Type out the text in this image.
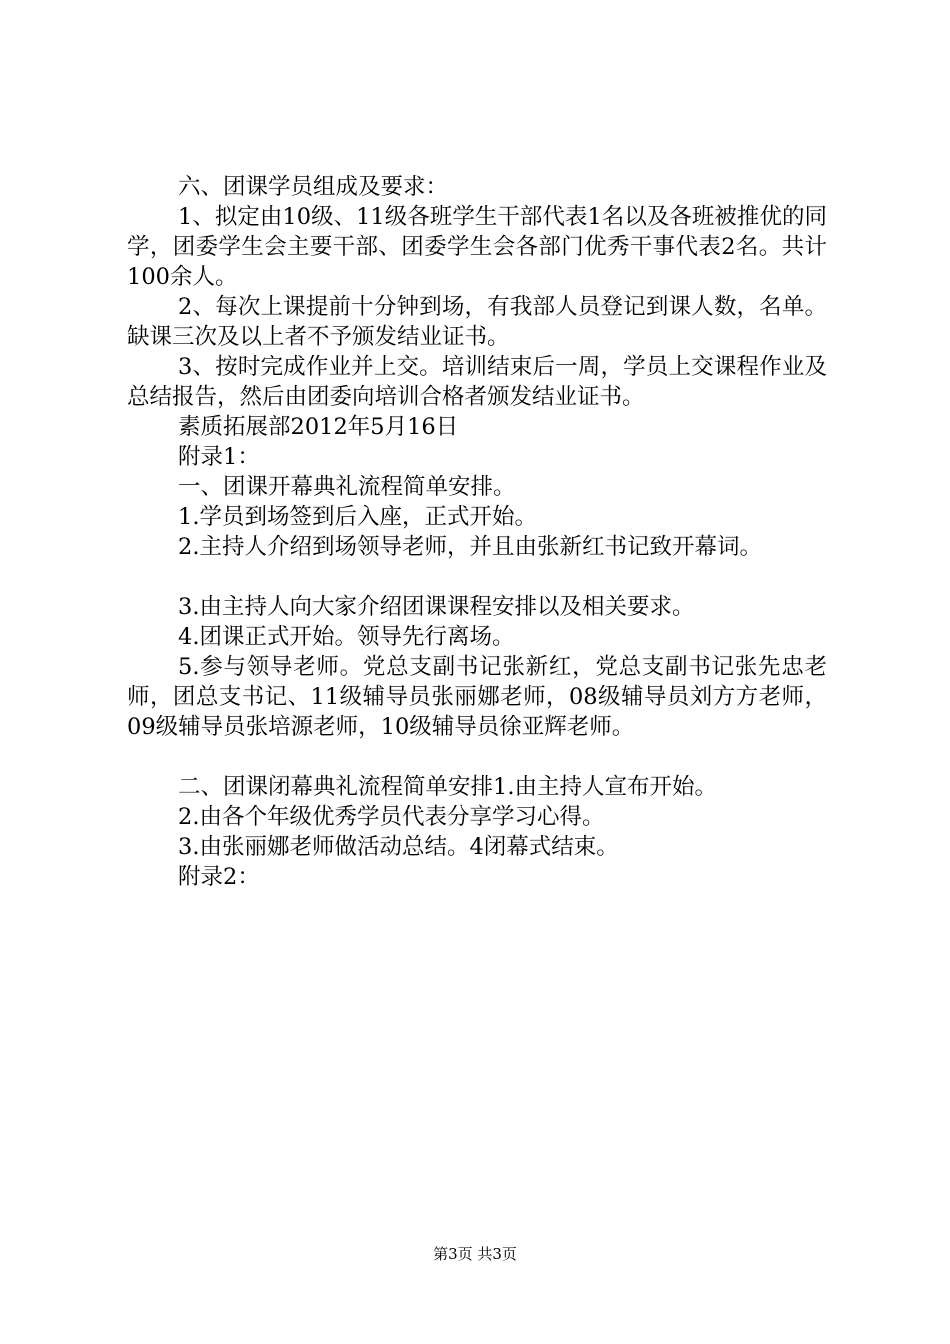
六、团课学员组成及要求：

1、拟定由10级、11级各班学生干部代表1名以及各班被推优的同学，团委学生会主要干部、团委学生会各部门优秀干事代表2名。共计100余人。

2、每次上课提前十分钟到场，有我部人员登记到课人数，名单。缺课三次及以上者不予颁发结业证书。

3、按时完成作业并上交。培训结束后一周，学员上交课程作业及总结报告，然后由团委向培训合格者颁发结业证书。

素质拓展部2012年5月16日

附录1：

一、团课开幕典礼流程简单安排。

1.学员到场签到后入座，正式开始。

2.主持人介绍到场领导老师，并且由张新红书记致开幕词。

3.由主持人向大家介绍团课课程安排以及相关要求。

4.团课正式开始。领导先行离场。

5.参与领导老师。党总支副书记张新红，党总支副书记张先忠老师，团总支书记、11级辅导员张丽娜老师，08级辅导员刘方方老师，09级辅导员张培源老师，10级辅导员徐亚辉老师。

二、团课闭幕典礼流程简单安排1.由主持人宣布开始。

2.由各个年级优秀学员代表分享学习心得。

3.由张丽娜老师做活动总结。4闭幕式结束。

附录2：

第3页 共3页
